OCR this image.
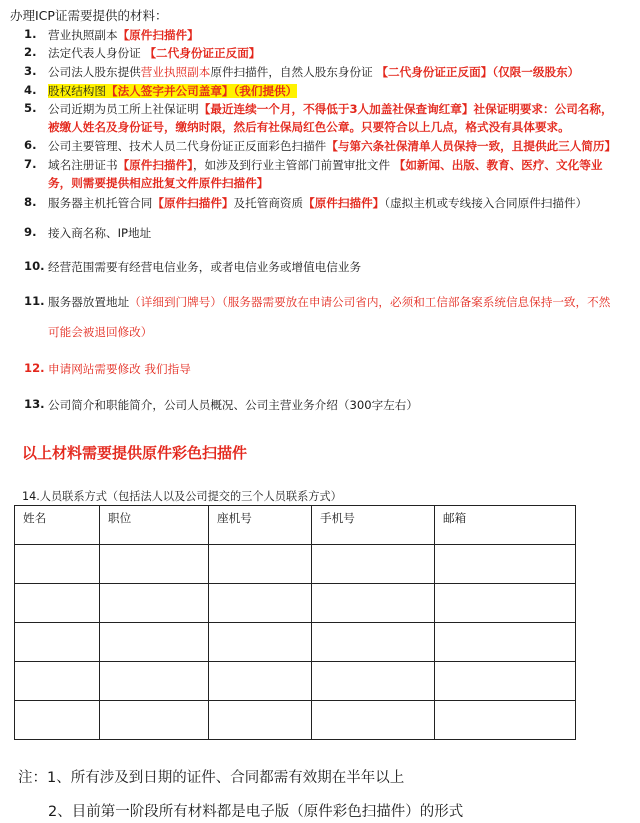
办理ICP证需要提供的材料：
1. 营业执照副本【原件扫描件】
2. 法定代表人身份证 【二代身份证正反面】
3. 公司法人股东提供营业执照副本原件扫描件，自然人股东身份证 【二代身份证正反面】（仅限一级股东）
4. 股权结构图【法人签字并公司盖章】（我们提供）
5. 公司近期为员工所上社保证明【最近连续一个月，不得低于3人加盖社保查询红章】社保证明要求：公司名称，
被缴人姓名及身份证号，缴纳时限，然后有社保局红色公章。只要符合以上几点，格式没有具体要求。
6. 公司主要管理、技术人员二代身份证正反面彩色扫描件【与第六条社保清单人员保持一致，且提供此三人简历】
7. 域名注册证书【原件扫描件】，如涉及到行业主管部门前置审批文件 【如新闻、出版、教育、医疗、文化等业
务，则需要提供相应批复文件原件扫描件】
8. 服务器主机托管合同【原件扫描件】及托管商资质【原件扫描件】（虚拟主机或专线接入合同原件扫描件）
9. 接入商名称、IP地址
10. 经营范围需要有经营电信业务，或者电信业务或增值电信业务
11. 服务器放置地址（详细到门牌号）（服务器需要放在申请公司省内，必须和工信部备案系统信息保持一致，不然
可能会被退回修改）
12. 申请网站需要修改 我们指导
13. 公司简介和职能简介，公司人员概况、公司主营业务介绍（300字左右）
以上材料需要提供原件彩色扫描件
14.人员联系方式（包括法人以及公司提交的三个人员联系方式）
姓名	职位	座机号	手机号	邮箱

注：1、所有涉及到日期的证件、合同都需有效期在半年以上
2、目前第一阶段所有材料都是电子版（原件彩色扫描件）的形式
